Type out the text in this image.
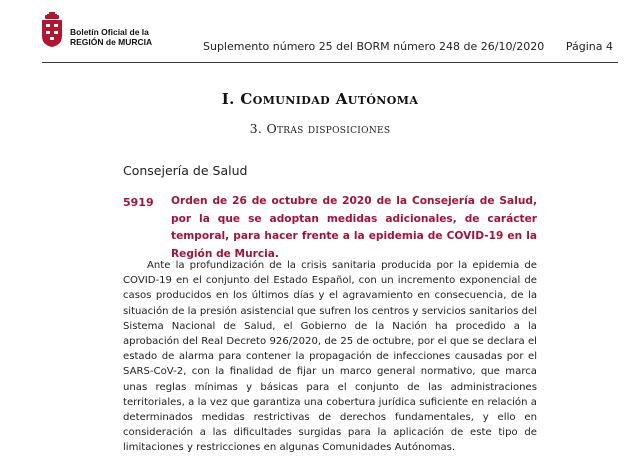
Boletín Oficial de la
REGIÓN de MURCIA	Suplemento número 25 del BORM número 248 de 26/10/2020 Página 4
I. Comunidad Autónoma
3. Otras disposiciones
Consejería de Salud
5919 Orden de 26 de octubre de 2020 de la Consejería de Salud, por la que se adoptan medidas adicionales, de carácter temporal, para hacer frente a la epidemia de COVID-19 en la Región de Murcia.

Ante la profundización de la crisis sanitaria producida por la epidemia de COVID-19 en el conjunto del Estado Español, con un incremento exponencial de casos producidos en los últimos días y el agravamiento en consecuencia, de la situación de la presión asistencial que sufren los centros y servicios sanitarios del Sistema Nacional de Salud, el Gobierno de la Nación ha procedido a la aprobación del Real Decreto 926/2020, de 25 de octubre, por el que se declara el estado de alarma para contener la propagación de infecciones causadas por el SARS-CoV-2, con la finalidad de fijar un marco general normativo, que marca unas reglas mínimas y básicas para el conjunto de las administraciones territoriales, a la vez que garantiza una cobertura jurídica suficiente en relación a determinados medidas restrictivas de derechos fundamentales, y ello en consideración a las dificultades surgidas para la aplicación de este tipo de limitaciones y restricciones en algunas Comunidades Autónomas.
